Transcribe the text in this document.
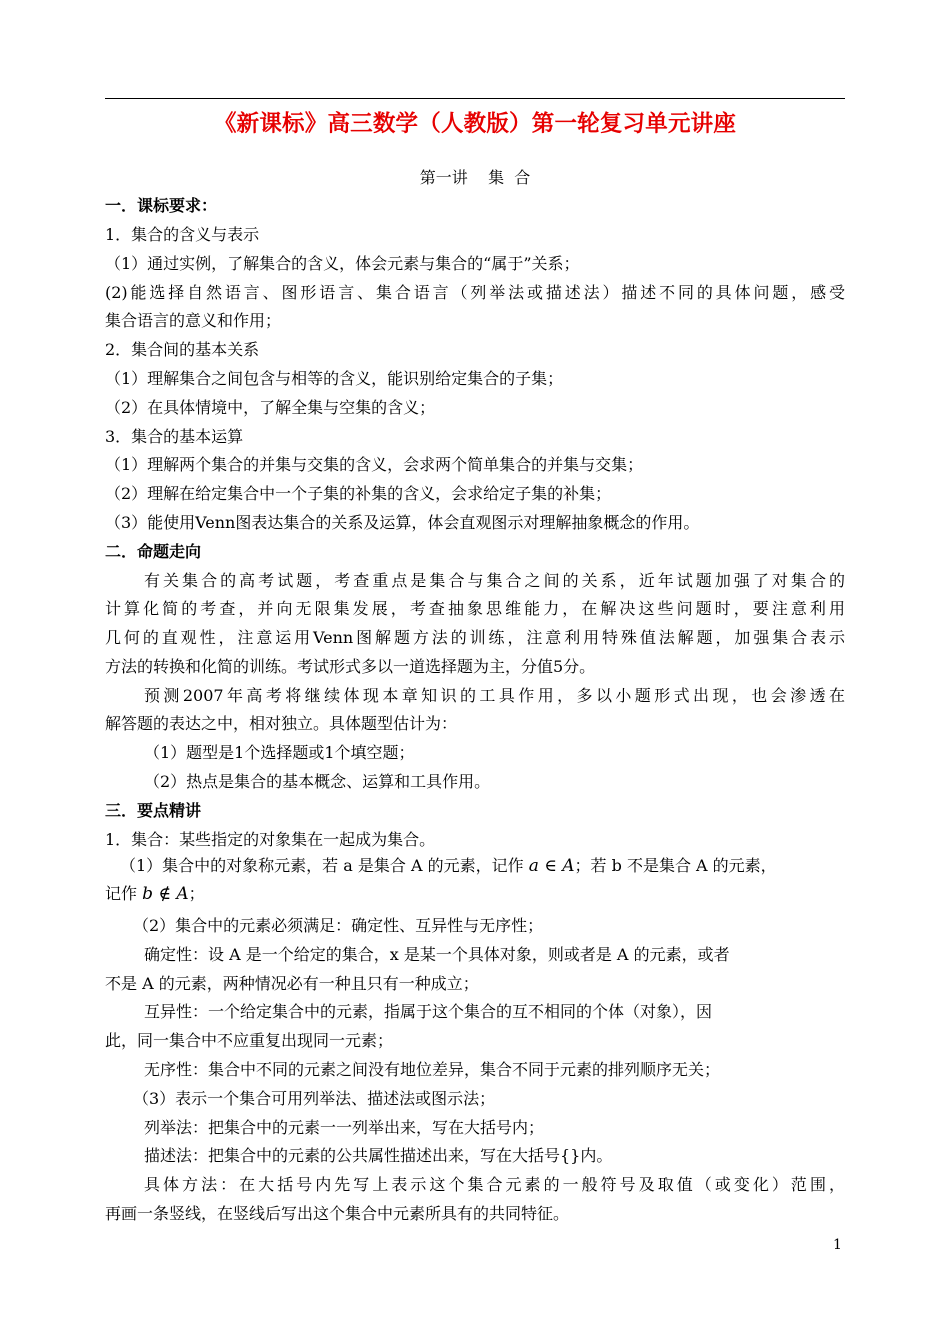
《新课标》高三数学（人教版）第一轮复习单元讲座
第一讲    集  合
一．课标要求：
1．集合的含义与表示
（1）通过实例，了解集合的含义，体会元素与集合的“属于”关系；
(2)能选择自然语言、图形语言、集合语言（列举法或描述法）描述不同的具体问题，感受
集合语言的意义和作用；
2．集合间的基本关系
（1）理解集合之间包含与相等的含义，能识别给定集合的子集；
（2）在具体情境中，了解全集与空集的含义；
3．集合的基本运算
（1）理解两个集合的并集与交集的含义，会求两个简单集合的并集与交集；
（2）理解在给定集合中一个子集的补集的含义，会求给定子集的补集；
（3）能使用Venn图表达集合的关系及运算，体会直观图示对理解抽象概念的作用。
二．命题走向
有关集合的高考试题，考查重点是集合与集合之间的关系，近年试题加强了对集合的
计算化简的考查，并向无限集发展，考查抽象思维能力，在解决这些问题时，要注意利用
几何的直观性，注意运用Venn图解题方法的训练，注意利用特殊值法解题，加强集合表示
方法的转换和化简的训练。考试形式多以一道选择题为主，分值5分。
预测2007年高考将继续体现本章知识的工具作用，多以小题形式出现，也会渗透在
解答题的表达之中，相对独立。具体题型估计为：
（1）题型是1个选择题或1个填空题；
（2）热点是集合的基本概念、运算和工具作用。
三．要点精讲
1．集合：某些指定的对象集在一起成为集合。
（1）集合中的对象称元素，若 a 是集合 A 的元素，记作 a ∈ A；若 b 不是集合 A 的元素，
记作 b ∉ A；
（2）集合中的元素必须满足：确定性、互异性与无序性；
确定性：设 A 是一个给定的集合，x 是某一个具体对象，则或者是 A 的元素，或者
不是 A 的元素，两种情况必有一种且只有一种成立；
互异性：一个给定集合中的元素，指属于这个集合的互不相同的个体（对象），因
此，同一集合中不应重复出现同一元素；
无序性：集合中不同的元素之间没有地位差异，集合不同于元素的排列顺序无关；
（3）表示一个集合可用列举法、描述法或图示法；
列举法：把集合中的元素一一列举出来，写在大括号内；
描述法：把集合中的元素的公共属性描述出来，写在大括号{}内。
具体方法：在大括号内先写上表示这个集合元素的一般符号及取值（或变化）范围，
再画一条竖线，在竖线后写出这个集合中元素所具有的共同特征。
1
